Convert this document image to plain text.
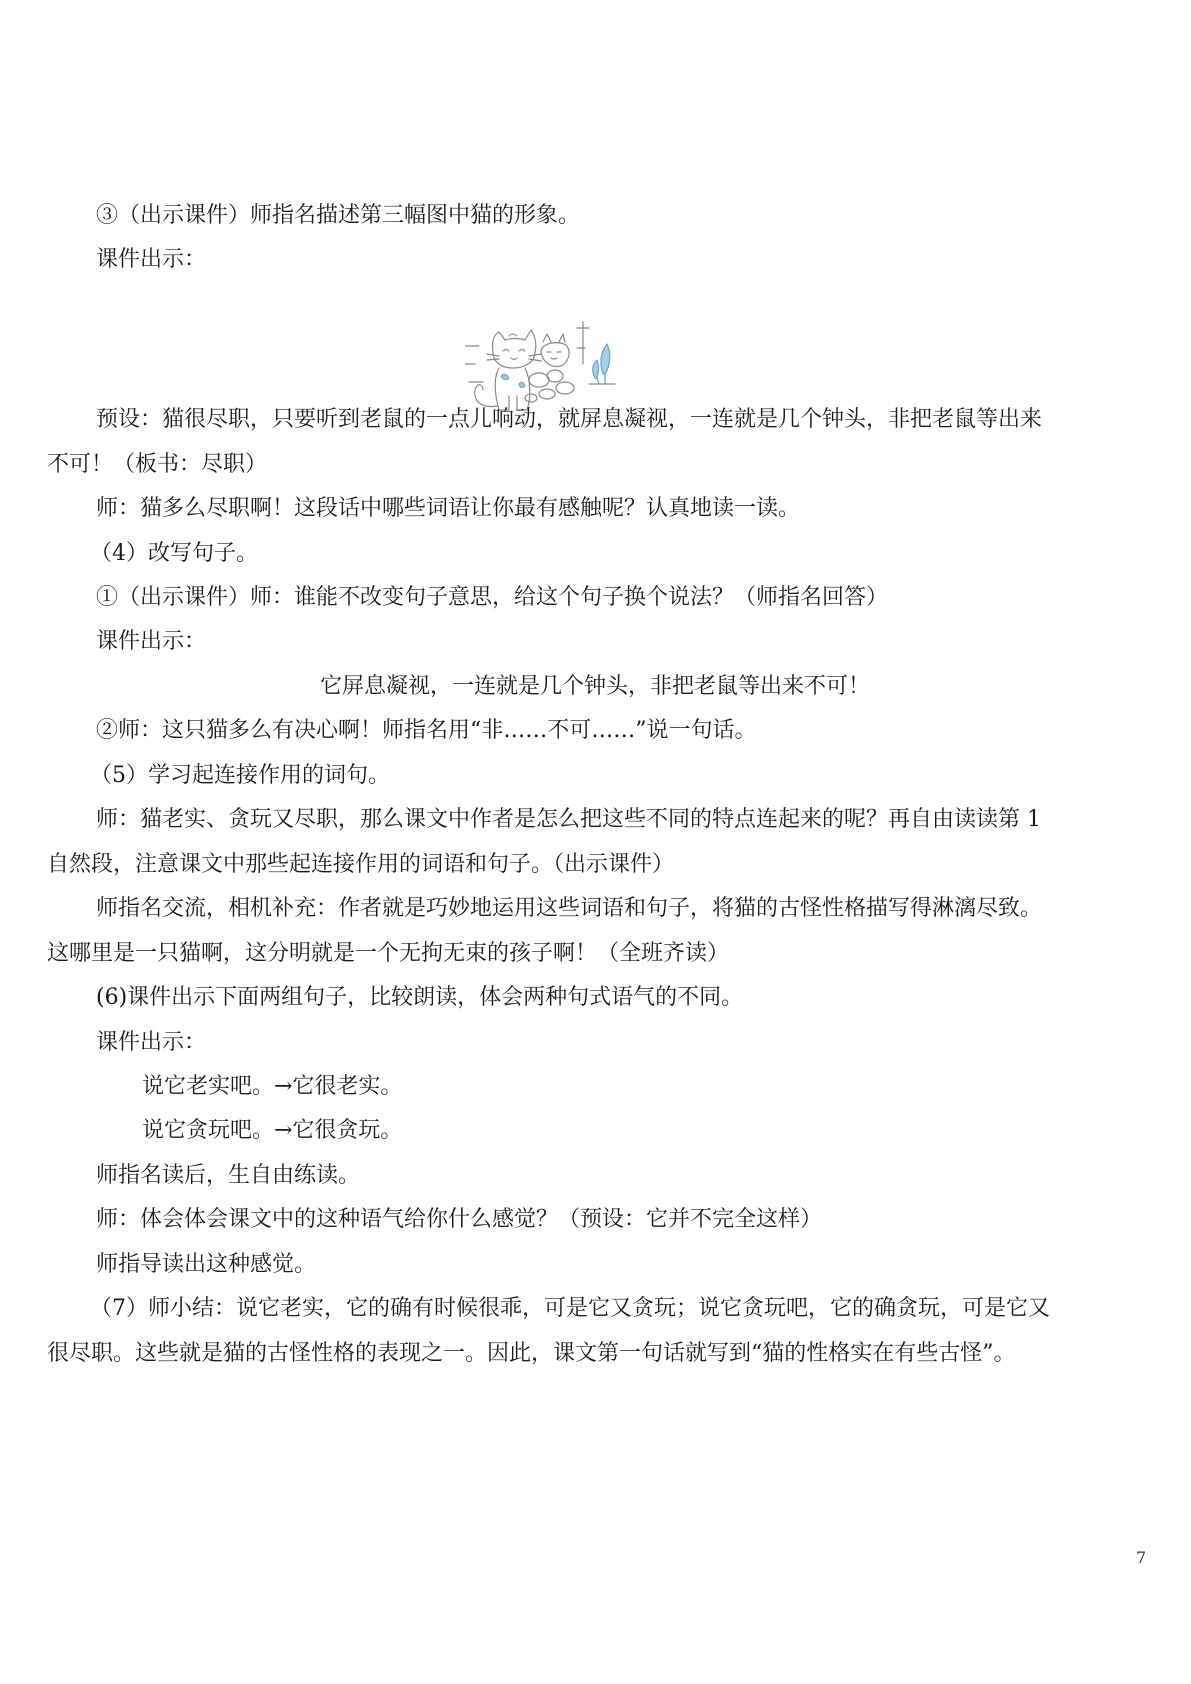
③（出示课件）师指名描述第三幅图中猫的形象。
课件出示：
预设：猫很尽职，只要听到老鼠的一点儿响动，就屏息凝视，一连就是几个钟头，非把老鼠等出来
不可！（板书：尽职）
师：猫多么尽职啊！这段话中哪些词语让你最有感触呢？认真地读一读。
（4）改写句子。
①（出示课件）师：谁能不改变句子意思，给这个句子换个说法？（师指名回答）
课件出示：
它屏息凝视，一连就是几个钟头，非把老鼠等出来不可！
②师：这只猫多么有决心啊！师指名用“非……不可……”说一句话。
（5）学习起连接作用的词句。
师：猫老实、贪玩又尽职，那么课文中作者是怎么把这些不同的特点连起来的呢？再自由读读第 1
自然段，注意课文中那些起连接作用的词语和句子。（出示课件）
师指名交流，相机补充：作者就是巧妙地运用这些词语和句子，将猫的古怪性格描写得淋漓尽致。
这哪里是一只猫啊，这分明就是一个无拘无束的孩子啊！（全班齐读）
(6)课件出示下面两组句子，比较朗读，体会两种句式语气的不同。
课件出示：
说它老实吧。→它很老实。
说它贪玩吧。→它很贪玩。
师指名读后，生自由练读。
师：体会体会课文中的这种语气给你什么感觉？（预设：它并不完全这样）
师指导读出这种感觉。
（7）师小结：说它老实，它的确有时候很乖，可是它又贪玩；说它贪玩吧，它的确贪玩，可是它又
很尽职。这些就是猫的古怪性格的表现之一。因此，课文第一句话就写到“猫的性格实在有些古怪”。
7
